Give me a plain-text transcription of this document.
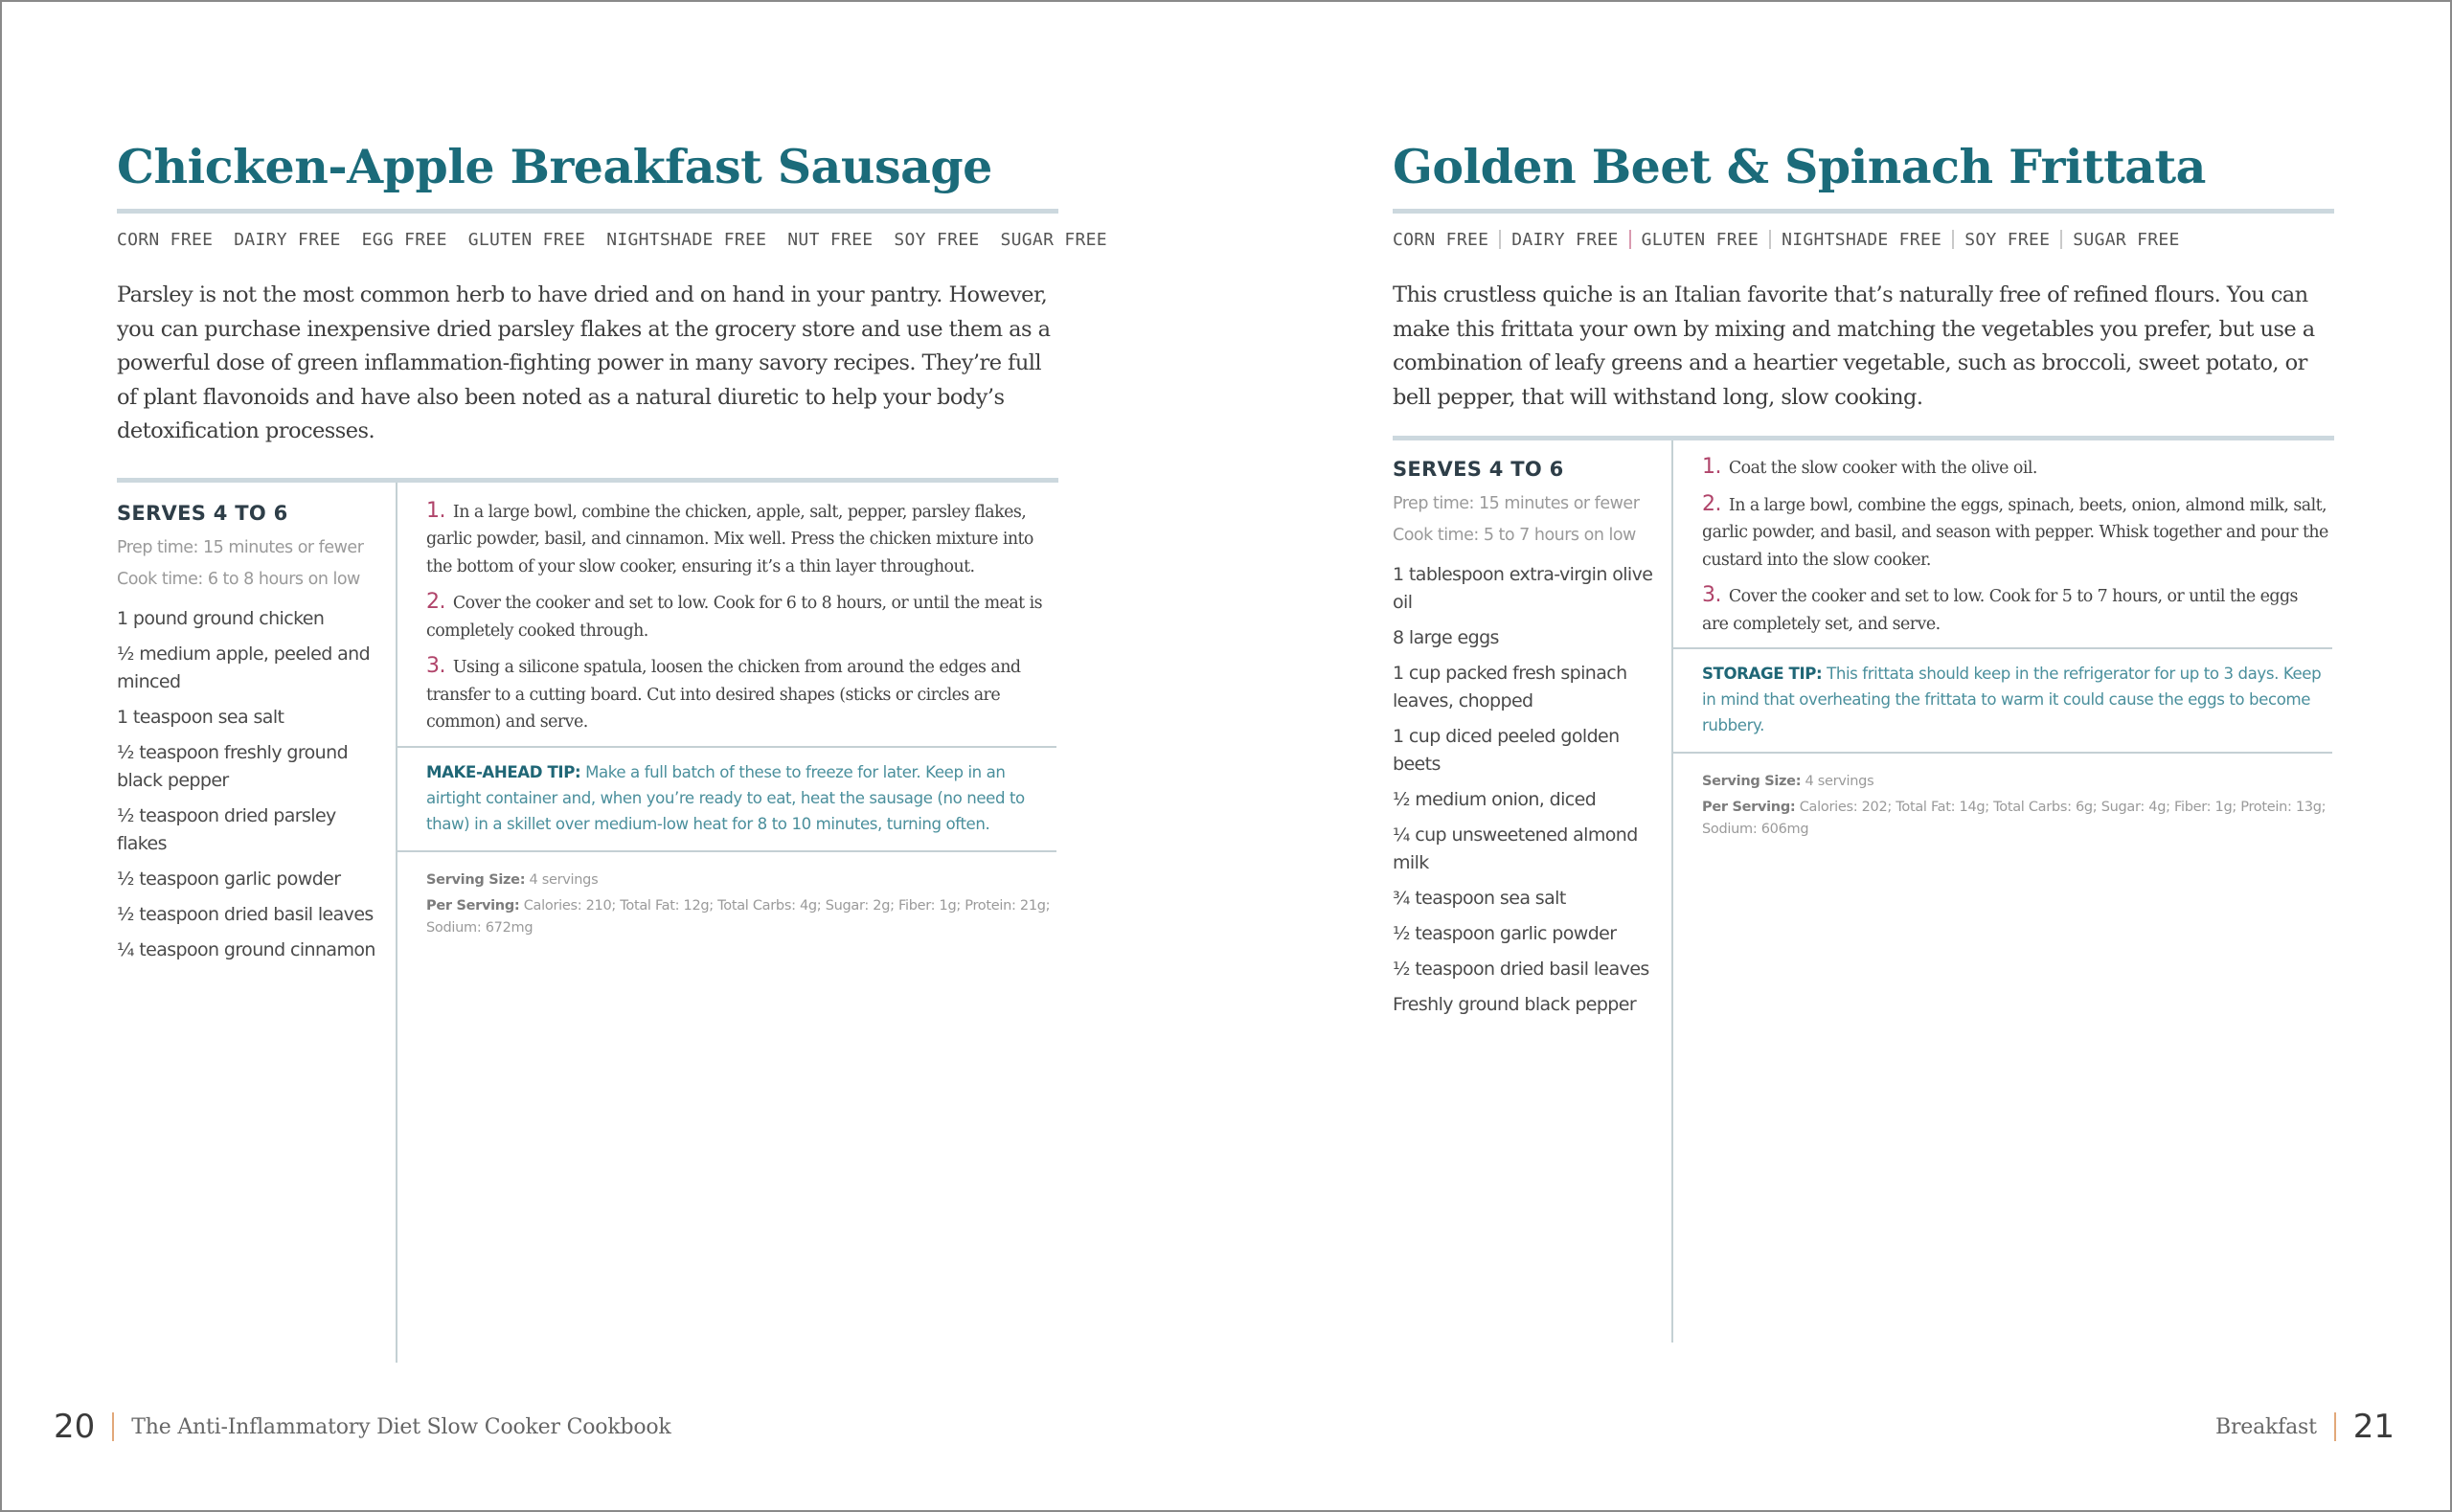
Chicken-Apple Breakfast Sausage
CORN FREE DAIRY FREE EGG FREE GLUTEN FREE NIGHTSHADE FREE NUT FREE SOY FREE SUGAR FREE

Parsley is not the most common herb to have dried and on hand in your pantry. However, you can purchase inexpensive dried parsley flakes at the grocery store and use them as a powerful dose of green inflammation-fighting power in many savory recipes. They’re full of plant flavonoids and have also been noted as a natural diuretic to help your body’s detoxification processes.

SERVES 4 TO 6
Prep time: 15 minutes or fewer
Cook time: 6 to 8 hours on low
1 pound ground chicken
½ medium apple, peeled and minced
1 teaspoon sea salt
½ teaspoon freshly ground black pepper
½ teaspoon dried parsley flakes
½ teaspoon garlic powder
½ teaspoon dried basil leaves
¼ teaspoon ground cinnamon
1. In a large bowl, combine the chicken, apple, salt, pepper, parsley flakes, garlic powder, basil, and cinnamon. Mix well. Press the chicken mixture into the bottom of your slow cooker, ensuring it’s a thin layer throughout.
2. Cover the cooker and set to low. Cook for 6 to 8 hours, or until the meat is completely cooked through.
3. Using a silicone spatula, loosen the chicken from around the edges and transfer to a cutting board. Cut into desired shapes (sticks or circles are common) and serve.

MAKE-AHEAD TIP: Make a full batch of these to freeze for later. Keep in an airtight container and, when you’re ready to eat, heat the sausage (no need to thaw) in a skillet over medium-low heat for 8 to 10 minutes, turning often.

Serving Size: 4 servings
Per Serving: Calories: 210; Total Fat: 12g; Total Carbs: 4g; Sugar: 2g; Fiber: 1g; Protein: 21g; Sodium: 672mg
Golden Beet & Spinach Frittata
CORN FREE DAIRY FREE GLUTEN FREE NIGHTSHADE FREE SOY FREE SUGAR FREE

This crustless quiche is an Italian favorite that’s naturally free of refined flours. You can make this frittata your own by mixing and matching the vegetables you prefer, but use a combination of leafy greens and a heartier vegetable, such as broccoli, sweet potato, or bell pepper, that will withstand long, slow cooking.

SERVES 4 TO 6
Prep time: 15 minutes or fewer
Cook time: 5 to 7 hours on low
1 tablespoon extra-virgin olive oil
8 large eggs
1 cup packed fresh spinach leaves, chopped
1 cup diced peeled golden beets
½ medium onion, diced
¼ cup unsweetened almond milk
¾ teaspoon sea salt
½ teaspoon garlic powder
½ teaspoon dried basil leaves
Freshly ground black pepper
1. Coat the slow cooker with the olive oil.
2. In a large bowl, combine the eggs, spinach, beets, onion, almond milk, salt, garlic powder, and basil, and season with pepper. Whisk together and pour the custard into the slow cooker.
3. Cover the cooker and set to low. Cook for 5 to 7 hours, or until the eggs are completely set, and serve.

STORAGE TIP: This frittata should keep in the refrigerator for up to 3 days. Keep in mind that overheating the frittata to warm it could cause the eggs to become rubbery.

Serving Size: 4 servings
Per Serving: Calories: 202; Total Fat: 14g; Total Carbs: 6g; Sugar: 4g; Fiber: 1g; Protein: 13g; Sodium: 606mg
20 The Anti-Inflammatory Diet Slow Cooker Cookbook	Breakfast 21
